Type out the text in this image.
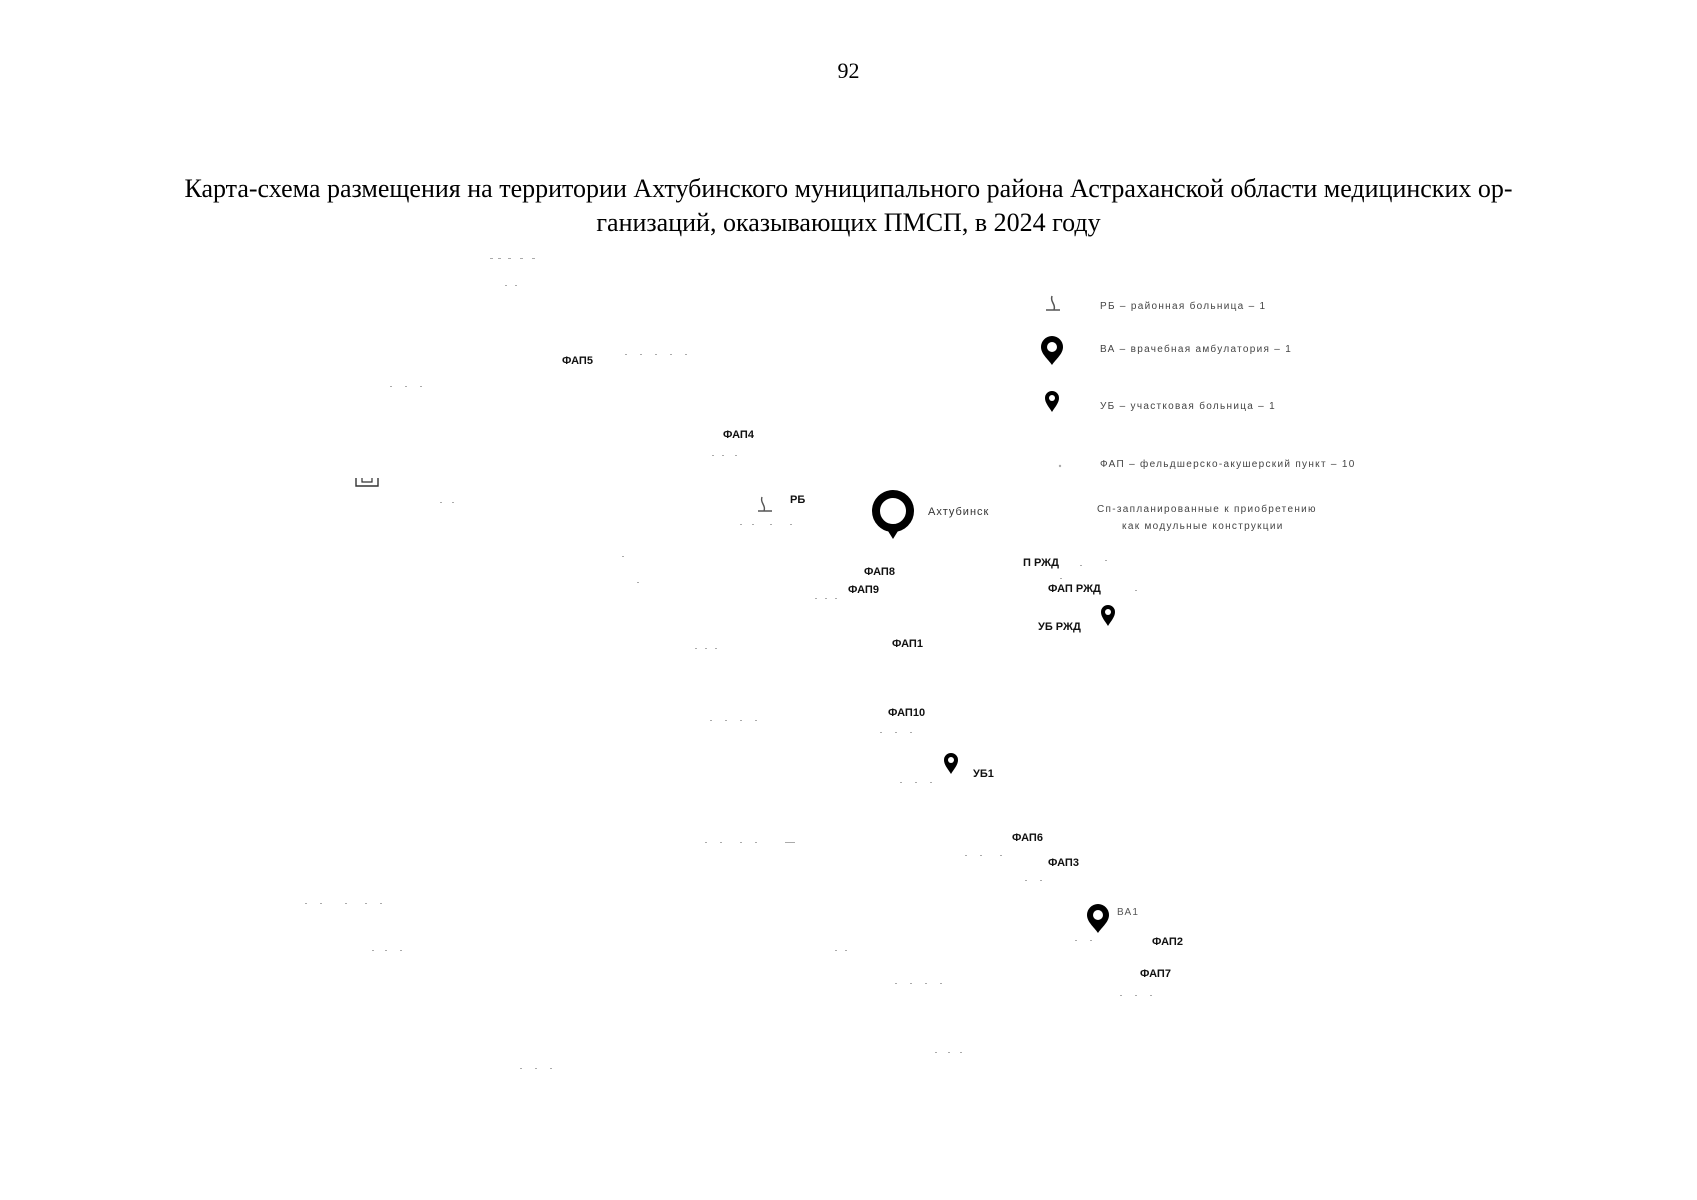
92
Карта-схема размещения на территории Ахтубинского муниципального района Астраханской области медицинских ор-
ганизаций, оказывающих ПМСП, в 2024 году
Ахтубинск
ФАП5
ФАП4
РБ
ФАП8
ФАП9
П РЖД
ФАП РЖД
УБ РЖД
ФАП1
ФАП10
УБ1
ФАП6
ФАП3
ВА1
ФАП2
ФАП7
РБ – районная больница – 1
ВА – врачебная амбулатория – 1
УБ – участковая больница – 1
ФАП – фельдшерско-акушерский пункт – 10
Сп-запланированные к приобретению
как модульные конструкции
